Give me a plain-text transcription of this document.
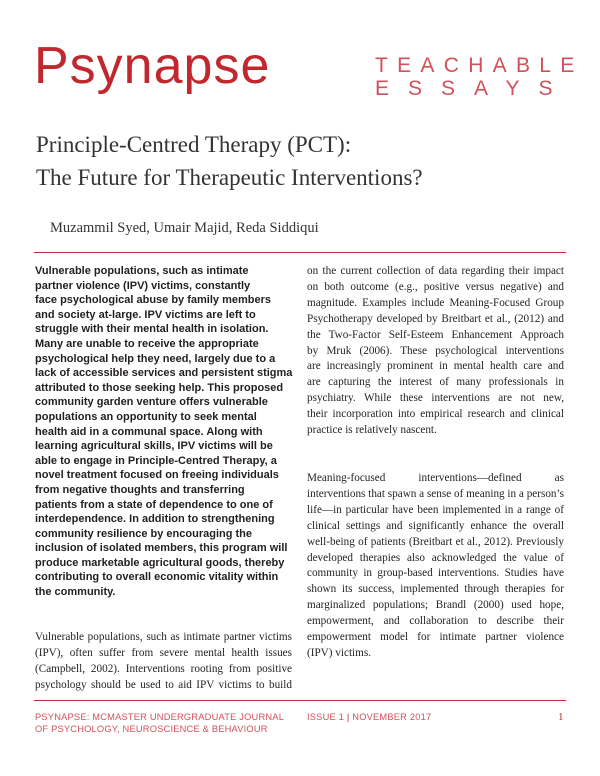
Psynapse	TEACHABLE
ESSAYS
Principle-Centred Therapy (PCT):
The Future for Therapeutic Interventions?
Muzammil Syed, Umair Majid, Reda Siddiqui
Vulnerable populations, such as intimate
partner violence (IPV) victims, constantly
face psychological abuse by family members
and society at-large. IPV victims are left to
struggle with their mental health in isolation.
Many are unable to receive the appropriate
psychological help they need, largely due to a
lack of accessible services and persistent stigma
attributed to those seeking help. This proposed
community garden venture offers vulnerable
populations an opportunity to seek mental
health aid in a communal space. Along with
learning agricultural skills, IPV victims will be
able to engage in Principle-Centred Therapy, a
novel treatment focused on freeing individuals
from negative thoughts and transferring
patients from a state of dependence to one of
interdependence. In addition to strengthening
community resilience by encouraging the
inclusion of isolated members, this program will
produce marketable agricultural goods, thereby
contributing to overall economic vitality within
the community.
Vulnerable populations, such as intimate partner victims
(IPV), often suffer from severe mental health issues
(Campbell, 2002). Interventions rooting from positive
psychology should be used to aid IPV victims to build
on the current collection of data regarding their impact
on both outcome (e.g., positive versus negative) and
magnitude. Examples include Meaning-Focused Group
Psychotherapy developed by Breitbart et al., (2012) and
the Two-Factor Self-Esteem Enhancement Approach
by Mruk (2006). These psychological interventions
are increasingly prominent in mental health care and
are capturing the interest of many professionals in
psychiatry. While these interventions are not new,
their incorporation into empirical research and clinical
practice is relatively nascent.
Meaning-focused interventions—defined as
interventions that spawn a sense of meaning in a person’s
life—in particular have been implemented in a range of
clinical settings and significantly enhance the overall
well-being of patients (Breitbart et al., 2012). Previously
developed therapies also acknowledged the value of
community in group-based interventions. Studies have
shown its success, implemented through therapies for
marginalized populations; Brandl (2000) used hope,
empowerment, and collaboration to describe their
empowerment model for intimate partner violence
(IPV) victims.
PSYNAPSE: MCMASTER UNDERGRADUATE JOURNAL
OF PSYCHOLOGY, NEUROSCIENCE & BEHAVIOUR
ISSUE 1 | NOVEMBER 2017	1
